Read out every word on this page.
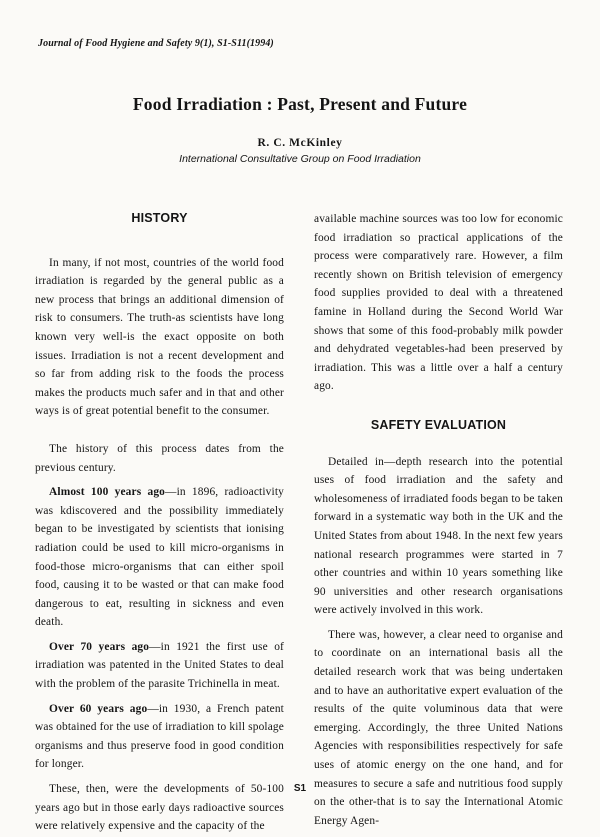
Journal of Food Hygiene and Safety 9(1), S1-S11(1994)
Food Irradiation : Past, Present and Future
R. C. McKinley
International Consultative Group on Food Irradiation
HISTORY

In many, if not most, countries of the world food irradiation is regarded by the general public as a new process that brings an additional dimension of risk to consumers. The truth-as scientists have long known very well-is the exact opposite on both issues. Irradiation is not a recent development and so far from adding risk to the foods the process makes the products much safer and in that and other ways is of great potential benefit to the consumer.

The history of this process dates from the previous century.

Almost 100 years ago—in 1896, radioactivity was kdiscovered and the possibility immediately began to be investigated by scientists that ionising radiation could be used to kill micro-organisms in food-those micro-organisms that can either spoil food, causing it to be wasted or that can make food dangerous to eat, resulting in sickness and even death.

Over 70 years ago—in 1921 the first use of irradiation was patented in the United States to deal with the problem of the parasite Trichinella in meat.

Over 60 years ago—in 1930, a French patent was obtained for the use of irradiation to kill spolage organisms and thus preserve food in good condition for longer.

These, then, were the developments of 50-100 years ago but in those early days radioactive sources were relatively expensive and the capacity of the

available machine sources was too low for economic food irradiation so practical applications of the process were comparatively rare. However, a film recently shown on British television of emergency food supplies provided to deal with a threatened famine in Holland during the Second World War shows that some of this food-probably milk powder and dehydrated vegetables-had been preserved by irradiation. This was a little over a half a century ago.

SAFETY EVALUATION

Detailed in—depth research into the potential uses of food irradiation and the safety and wholesomeness of irradiated foods began to be taken forward in a systematic way both in the UK and the United States from about 1948. In the next few years national research programmes were started in 7 other countries and within 10 years something like 90 universities and other research organisations were actively involved in this work.

There was, however, a clear need to organise and to coordinate on an international basis all the detailed research work that was being undertaken and to have an authoritative expert evaluation of the results of the quite voluminous data that were emerging. Accordingly, the three United Nations Agencies with responsibilities respectively for safe uses of atomic energy on the one hand, and for measures to secure a safe and nutritious food supply on the other-that is to say the International Atomic Energy Agen-

S1
